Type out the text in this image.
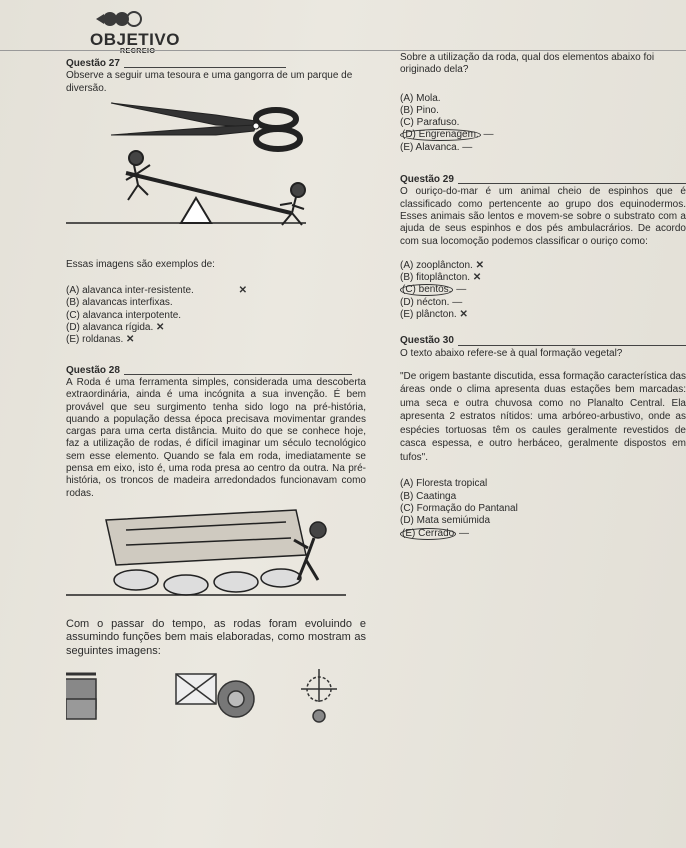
OBJETIVO
RECREIO
Questão 27
Observe a seguir uma tesoura e uma gangorra de um parque de diversão.
Essas imagens são exemplos de:

(A) alavanca inter-resistente.	✕

(B) alavancas interfixas.

(C) alavanca interpotente.

(D) alavanca rígida. ✕

(E) roldanas. ✕

Questão 28
A Roda é uma ferramenta simples, considerada uma descoberta extraordinária, ainda é uma incógnita a sua invenção. É bem provável que seu surgimento tenha sido logo na pré-história, quando a população dessa época precisava movimentar grandes cargas para uma certa distância. Muito do que se conhece hoje, faz a utilização de rodas, é difícil imaginar um século tecnológico sem esse elemento. Quando se fala em roda, imediatamente se pensa em eixo, isto é, uma roda presa ao centro da outra. Na pré-história, os troncos de madeira arredondados funcionavam como rodas.
Com o passar do tempo, as rodas foram evoluindo e assumindo funções bem mais elaboradas, como mostram as seguintes imagens:
Sobre a utilização da roda, qual dos elementos abaixo foi originado dela?

(A) Mola.

(B) Pino.

(C) Parafuso.

(D) Engrenagem. —

(E) Alavanca. —

Questão 29
O ouriço-do-mar é um animal cheio de espinhos que é classificado como pertencente ao grupo dos equinodermos. Esses animais são lentos e movem-se sobre o substrato com a ajuda de seus espinhos e dos pés ambulacrários. De acordo com sua locomoção podemos classificar o ouriço como:

(A) zooplâncton. ✕

(B) fitoplâncton. ✕

(C) bentos. —

(D) nécton. —

(E) plâncton. ✕

Questão 30
O texto abaixo refere-se à qual formação vegetal?
"De origem bastante discutida, essa formação característica das áreas onde o clima apresenta duas estações bem marcadas: uma seca e outra chuvosa como no Planalto Central. Ela apresenta 2 estratos nítidos: uma arbóreo-arbustivo, onde as espécies tortuosas têm os caules geralmente revestidos de casca espessa, e outro herbáceo, geralmente dispostos em tufos".

(A) Floresta tropical

(B) Caatinga

(C) Formação do Pantanal

(D) Mata semiúmida

(E) Cerrado —
